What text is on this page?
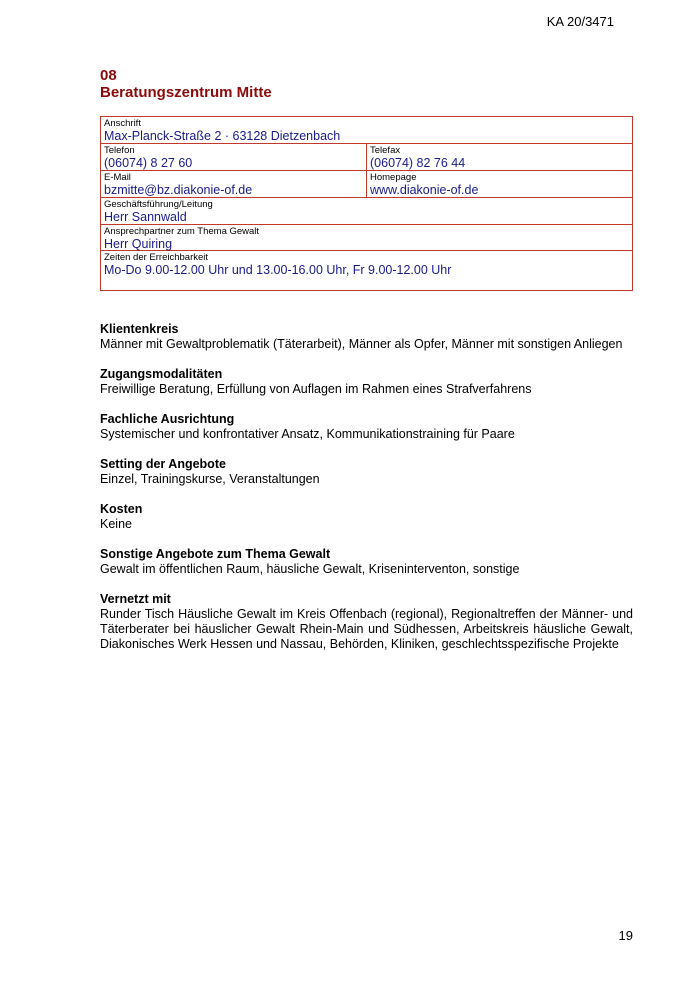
KA 20/3471
08
Beratungszentrum Mitte
Anschrift
Max-Planck-Straße 2 · 63128 Dietzenbach
Telefon
(06074) 8 27 60
Telefax
(06074) 82 76 44
E-Mail
bzmitte@bz.diakonie-of.de
Homepage
www.diakonie-of.de
Geschäftsführung/Leitung
Herr Sannwald
Ansprechpartner zum Thema Gewalt
Herr Quiring
Zeiten der Erreichbarkeit
Mo-Do 9.00-12.00 Uhr und 13.00-16.00 Uhr, Fr 9.00-12.00 Uhr
Klientenkreis

Männer mit Gewaltproblematik (Täterarbeit), Männer als Opfer, Männer mit sonstigen Anliegen

Zugangsmodalitäten

Freiwillige Beratung, Erfüllung von Auflagen im Rahmen eines Strafverfahrens

Fachliche Ausrichtung

Systemischer und konfrontativer Ansatz, Kommunikationstraining für Paare

Setting der Angebote

Einzel, Trainingskurse, Veranstaltungen

Kosten

Keine

Sonstige Angebote zum Thema Gewalt

Gewalt im öffentlichen Raum, häusliche Gewalt, Kriseninterventon, sonstige

Vernetzt mit

Runder Tisch Häusliche Gewalt im Kreis Offenbach (regional), Regionaltreffen der Männer- und Täterberater bei häuslicher Gewalt Rhein-Main und Südhessen, Arbeitskreis häusliche Gewalt, Diakonisches Werk Hessen und Nassau, Behörden, Kliniken, geschlechtsspezifische Projekte

19
